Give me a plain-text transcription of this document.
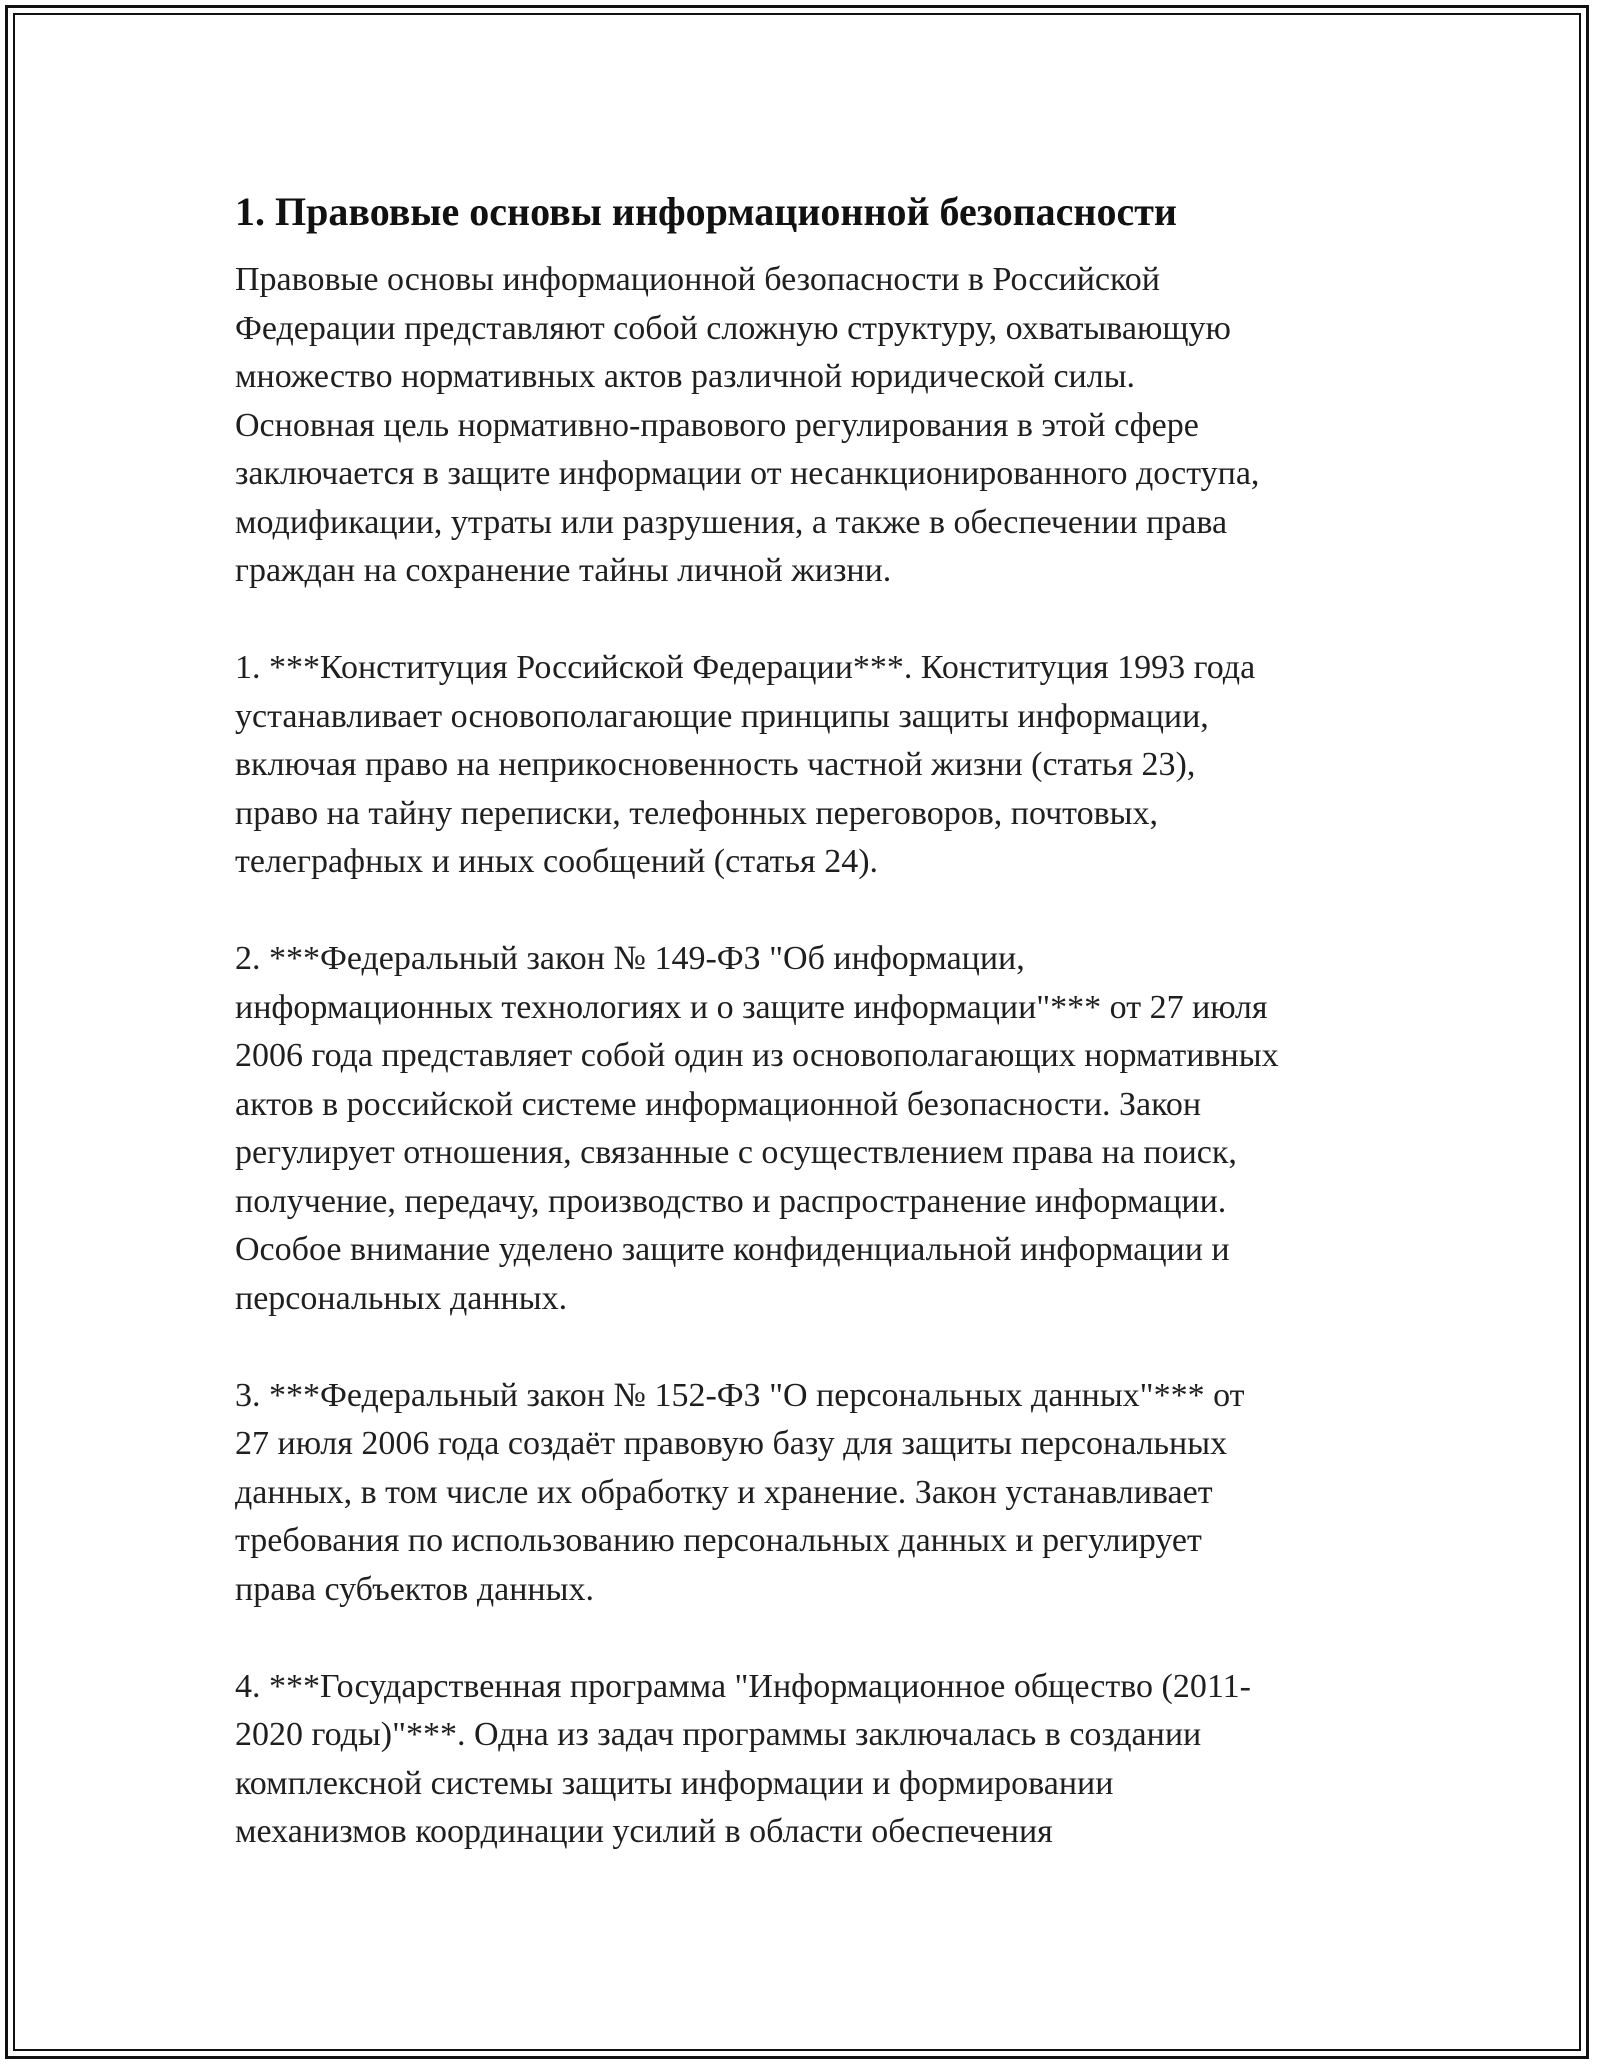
1. Правовые основы информационной безопасности

Правовые основы информационной безопасности в Российской
Федерации представляют собой сложную структуру, охватывающую
множество нормативных актов различной юридической силы.
Основная цель нормативно-правового регулирования в этой сфере
заключается в защите информации от несанкционированного доступа,
модификации, утраты или разрушения, а также в обеспечении права
граждан на сохранение тайны личной жизни.

1. ***Конституция Российской Федерации***. Конституция 1993 года
устанавливает основополагающие принципы защиты информации,
включая право на неприкосновенность частной жизни (статья 23),
право на тайну переписки, телефонных переговоров, почтовых,
телеграфных и иных сообщений (статья 24).

2. ***Федеральный закон № 149-ФЗ "Об информации,
информационных технологиях и о защите информации"*** от 27 июля
2006 года представляет собой один из основополагающих нормативных
актов в российской системе информационной безопасности. Закон
регулирует отношения, связанные с осуществлением права на поиск,
получение, передачу, производство и распространение информации.
Особое внимание уделено защите конфиденциальной информации и
персональных данных.

3. ***Федеральный закон № 152-ФЗ "О персональных данных"*** от
27 июля 2006 года создаёт правовую базу для защиты персональных
данных, в том числе их обработку и хранение. Закон устанавливает
требования по использованию персональных данных и регулирует
права субъектов данных.

4. ***Государственная программа "Информационное общество (2011-
2020 годы)"***. Одна из задач программы заключалась в создании
комплексной системы защиты информации и формировании
механизмов координации усилий в области обеспечения
